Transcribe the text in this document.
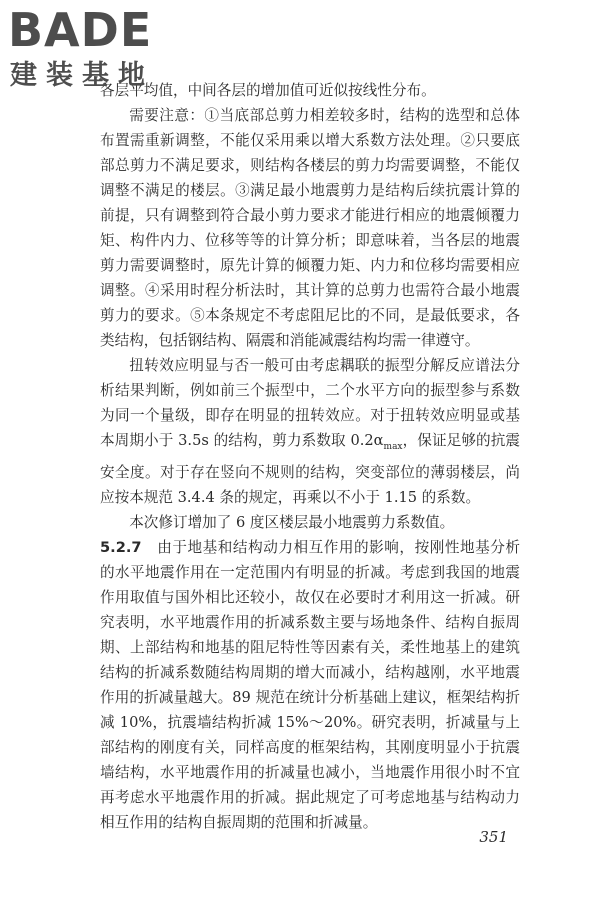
各层平均值，中间各层的增加值可近似按线性分布。

需要注意：①当底部总剪力相差较多时，结构的选型和总体布置需重新调整，不能仅采用乘以增大系数方法处理。②只要底部总剪力不满足要求，则结构各楼层的剪力均需要调整，不能仅调整不满足的楼层。③满足最小地震剪力是结构后续抗震计算的前提，只有调整到符合最小剪力要求才能进行相应的地震倾覆力矩、构件内力、位移等等的计算分析；即意味着，当各层的地震剪力需要调整时，原先计算的倾覆力矩、内力和位移均需要相应调整。④采用时程分析法时，其计算的总剪力也需符合最小地震剪力的要求。⑤本条规定不考虑阻尼比的不同，是最低要求，各类结构，包括钢结构、隔震和消能减震结构均需一律遵守。

扭转效应明显与否一般可由考虑耦联的振型分解反应谱法分析结果判断，例如前三个振型中，二个水平方向的振型参与系数为同一个量级，即存在明显的扭转效应。对于扭转效应明显或基本周期小于 3.5s 的结构，剪力系数取 $0.2\alpha_{max}$，保证足够的抗震安全度。对于存在竖向不规则的结构，突变部位的薄弱楼层，尚应按本规范 3.4.4 条的规定，再乘以不小于 1.15 的系数。

本次修订增加了 6 度区楼层最小地震剪力系数值。

5.2.7　 由于地基和结构动力相互作用的影响，按刚性地基分析的水平地震作用在一定范围内有明显的折减。考虑到我国的地震作用取值与国外相比还较小，故仅在必要时才利用这一折减。研究表明，水平地震作用的折减系数主要与场地条件、结构自振周期、上部结构和地基的阻尼特性等因素有关，柔性地基上的建筑结构的折减系数随结构周期的增大而减小，结构越刚，水平地震作用的折减量越大。89 规范在统计分析基础上建议，框架结构折减 10%，抗震墙结构折减 15%～20%。研究表明，折减量与上部结构的刚度有关，同样高度的框架结构，其刚度明显小于抗震墙结构，水平地震作用的折减量也减小，当地震作用很小时不宜再考虑水平地震作用的折减。据此规定了可考虑地基与结构动力相互作用的结构自振周期的范围和折减量。

BADE
建装基地
351
